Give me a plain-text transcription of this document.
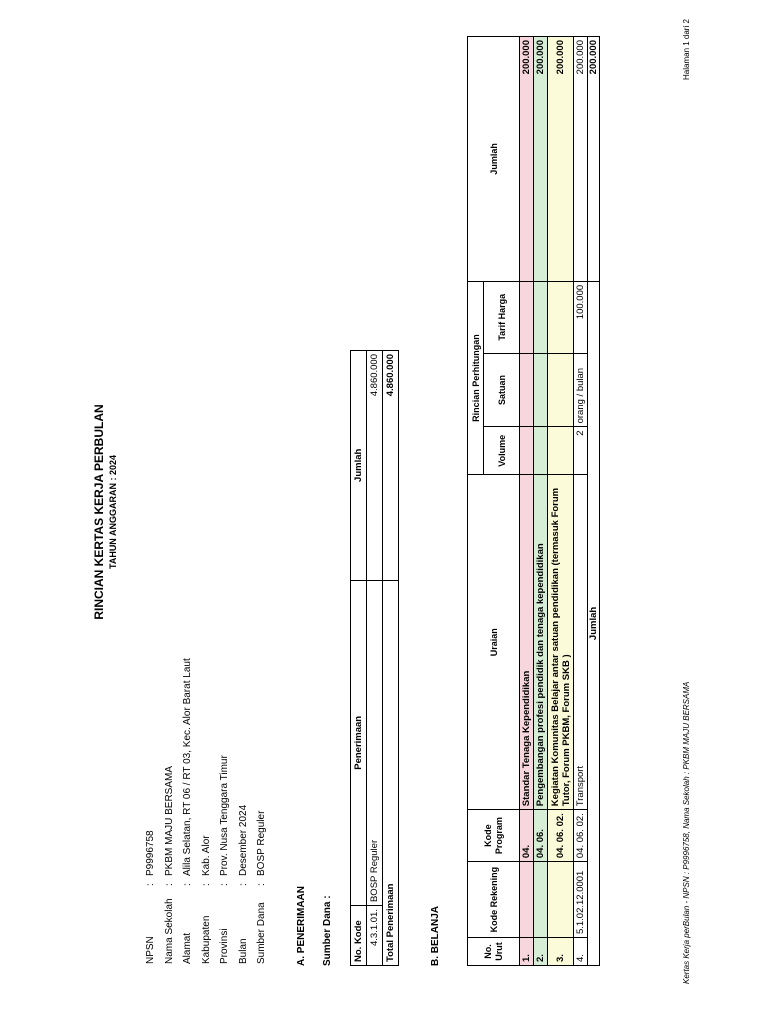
RINCIAN KERTAS KERJA PERBULAN TAHUN ANGGARAN : 2024
NPSN
:
P9996758
Nama Sekolah
:
PKBM MAJU BERSAMA
Alamat
:
Alila Selatan, RT 06 / RT 03, Kec. Alor Barat Laut
Kabupaten
:
Kab. Alor
Provinsi
:
Prov. Nusa Tenggara Timur
Bulan
:
Desember 2024
Sumber Dana
:
BOSP Reguler
A. PENERIMAAN Sumber Dana : No. Kode	Penerimaan	Jumlah
4.3.1.01.	BOSP Reguler	4.860.000
Total Penerimaan		4.860.000
B. BELANJA	No. Urut	Kode Rekening	Kode Program	Uraian	Rincian Perhitungan			Jumlah
				Volume	Satuan	Tarif Harga	
1.		04.	Standar Tenaga Kependidikan				200.000
2.		04. 06.	Pengembangan profesi pendidik dan tenaga kependidikan				200.000
3.		04. 06. 02.	Kegiatan Komunitas Belajar antar satuan pendidikan (termasuk Forum Tutor, Forum PKBM, Forum SKB )				200.000
4.	5.1.02.12.0001	04. 06. 02.	Transport	2	orang / bulan	100.000	200.000
Jumlah							200.000
Kertas Kerja perBulan - NPSN : P9996758, Nama Sekolah : PKBM MAJU BERSAMA
Halaman 1 dari 2
